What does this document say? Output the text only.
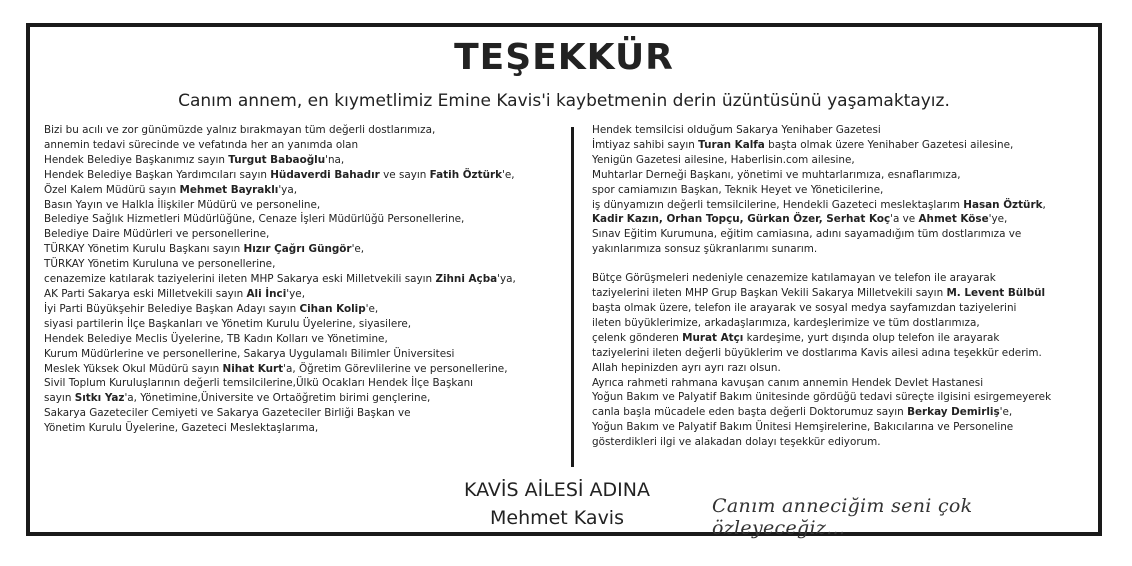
TEŞEKKÜR
Canım annem, en kıymetlimiz Emine Kavis'i kaybetmenin derin üzüntüsünü yaşamaktayız.
Bizi bu acılı ve zor günümüzde yalnız bırakmayan tüm değerli dostlarımıza,
annemin tedavi sürecinde ve vefatında her an yanımda olan
Hendek Belediye Başkanımız sayın Turgut Babaoğlu'na,
Hendek Belediye Başkan Yardımcıları sayın Hüdaverdi Bahadır ve sayın Fatih Öztürk'e,
Özel Kalem Müdürü sayın Mehmet Bayraklı'ya,
Basın Yayın ve Halkla İlişkiler Müdürü ve personeline,
Belediye Sağlık Hizmetleri Müdürlüğüne, Cenaze İşleri Müdürlüğü Personellerine,
Belediye Daire Müdürleri ve personellerine,
TÜRKAY Yönetim Kurulu Başkanı sayın Hızır Çağrı Güngör'e,
TÜRKAY Yönetim Kuruluna ve personellerine,
cenazemize katılarak taziyelerini ileten MHP Sakarya eski Milletvekili sayın Zihni Açba'ya,
AK Parti Sakarya eski Milletvekili sayın Ali İnci'ye,
İyi Parti Büyükşehir Belediye Başkan Adayı sayın Cihan Kolip'e,
siyasi partilerin İlçe Başkanları ve Yönetim Kurulu Üyelerine, siyasilere,
Hendek Belediye Meclis Üyelerine, TB Kadın Kolları ve Yönetimine,
Kurum Müdürlerine ve personellerine, Sakarya Uygulamalı Bilimler Üniversitesi
Meslek Yüksek Okul Müdürü sayın Nihat Kurt'a, Öğretim Görevlilerine ve personellerine,
Sivil Toplum Kuruluşlarının değerli temsilcilerine,Ülkü Ocakları Hendek İlçe Başkanı
sayın Sıtkı Yaz'a, Yönetimine,Üniversite ve Ortaöğretim birimi gençlerine,
Sakarya Gazeteciler Cemiyeti ve Sakarya Gazeteciler Birliği Başkan ve
Yönetim Kurulu Üyelerine, Gazeteci Meslektaşlarıma,
Hendek temsilcisi olduğum Sakarya Yenihaber Gazetesi
İmtiyaz sahibi sayın Turan Kalfa başta olmak üzere Yenihaber Gazetesi ailesine,
Yenigün Gazetesi ailesine, Haberlisin.com ailesine,
Muhtarlar Derneği Başkanı, yönetimi ve muhtarlarımıza, esnaflarımıza,
spor camiamızın Başkan, Teknik Heyet ve Yöneticilerine,
iş dünyamızın değerli temsilcilerine, Hendekli Gazeteci meslektaşlarım Hasan Öztürk,
Kadir Kazın, Orhan Topçu, Gürkan Özer, Serhat Koç'a ve Ahmet Köse'ye,
Sınav Eğitim Kurumuna, eğitim camiasına, adını sayamadığım tüm dostlarımıza ve
yakınlarımıza sonsuz şükranlarımı sunarım.
Bütçe Görüşmeleri nedeniyle cenazemize katılamayan ve telefon ile arayarak
taziyelerini ileten MHP Grup Başkan Vekili Sakarya Milletvekili sayın M. Levent Bülbül
başta olmak üzere, telefon ile arayarak ve sosyal medya sayfamızdan taziyelerini
ileten büyüklerimize, arkadaşlarımıza, kardeşlerimize ve tüm dostlarımıza,
çelenk gönderen Murat Atçı kardeşime, yurt dışında olup telefon ile arayarak
taziyelerini ileten değerli büyüklerim ve dostlarıma Kavis ailesi adına teşekkür ederim.
Allah hepinizden ayrı ayrı razı olsun.
Ayrıca rahmeti rahmana kavuşan canım annemin Hendek Devlet Hastanesi
Yoğun Bakım ve Palyatif Bakım ünitesinde gördüğü tedavi süreçte ilgisini esirgemeyerek
canla başla mücadele eden başta değerli Doktorumuz sayın Berkay Demirliş'e,
Yoğun Bakım ve Palyatif Bakım Ünitesi Hemşirelerine, Bakıcılarına ve Personeline
gösterdikleri ilgi ve alakadan dolayı teşekkür ediyorum.
KAVİS AİLESİ ADINA
Mehmet Kavis
Canım anneciğim seni çok özleyeceğiz...
